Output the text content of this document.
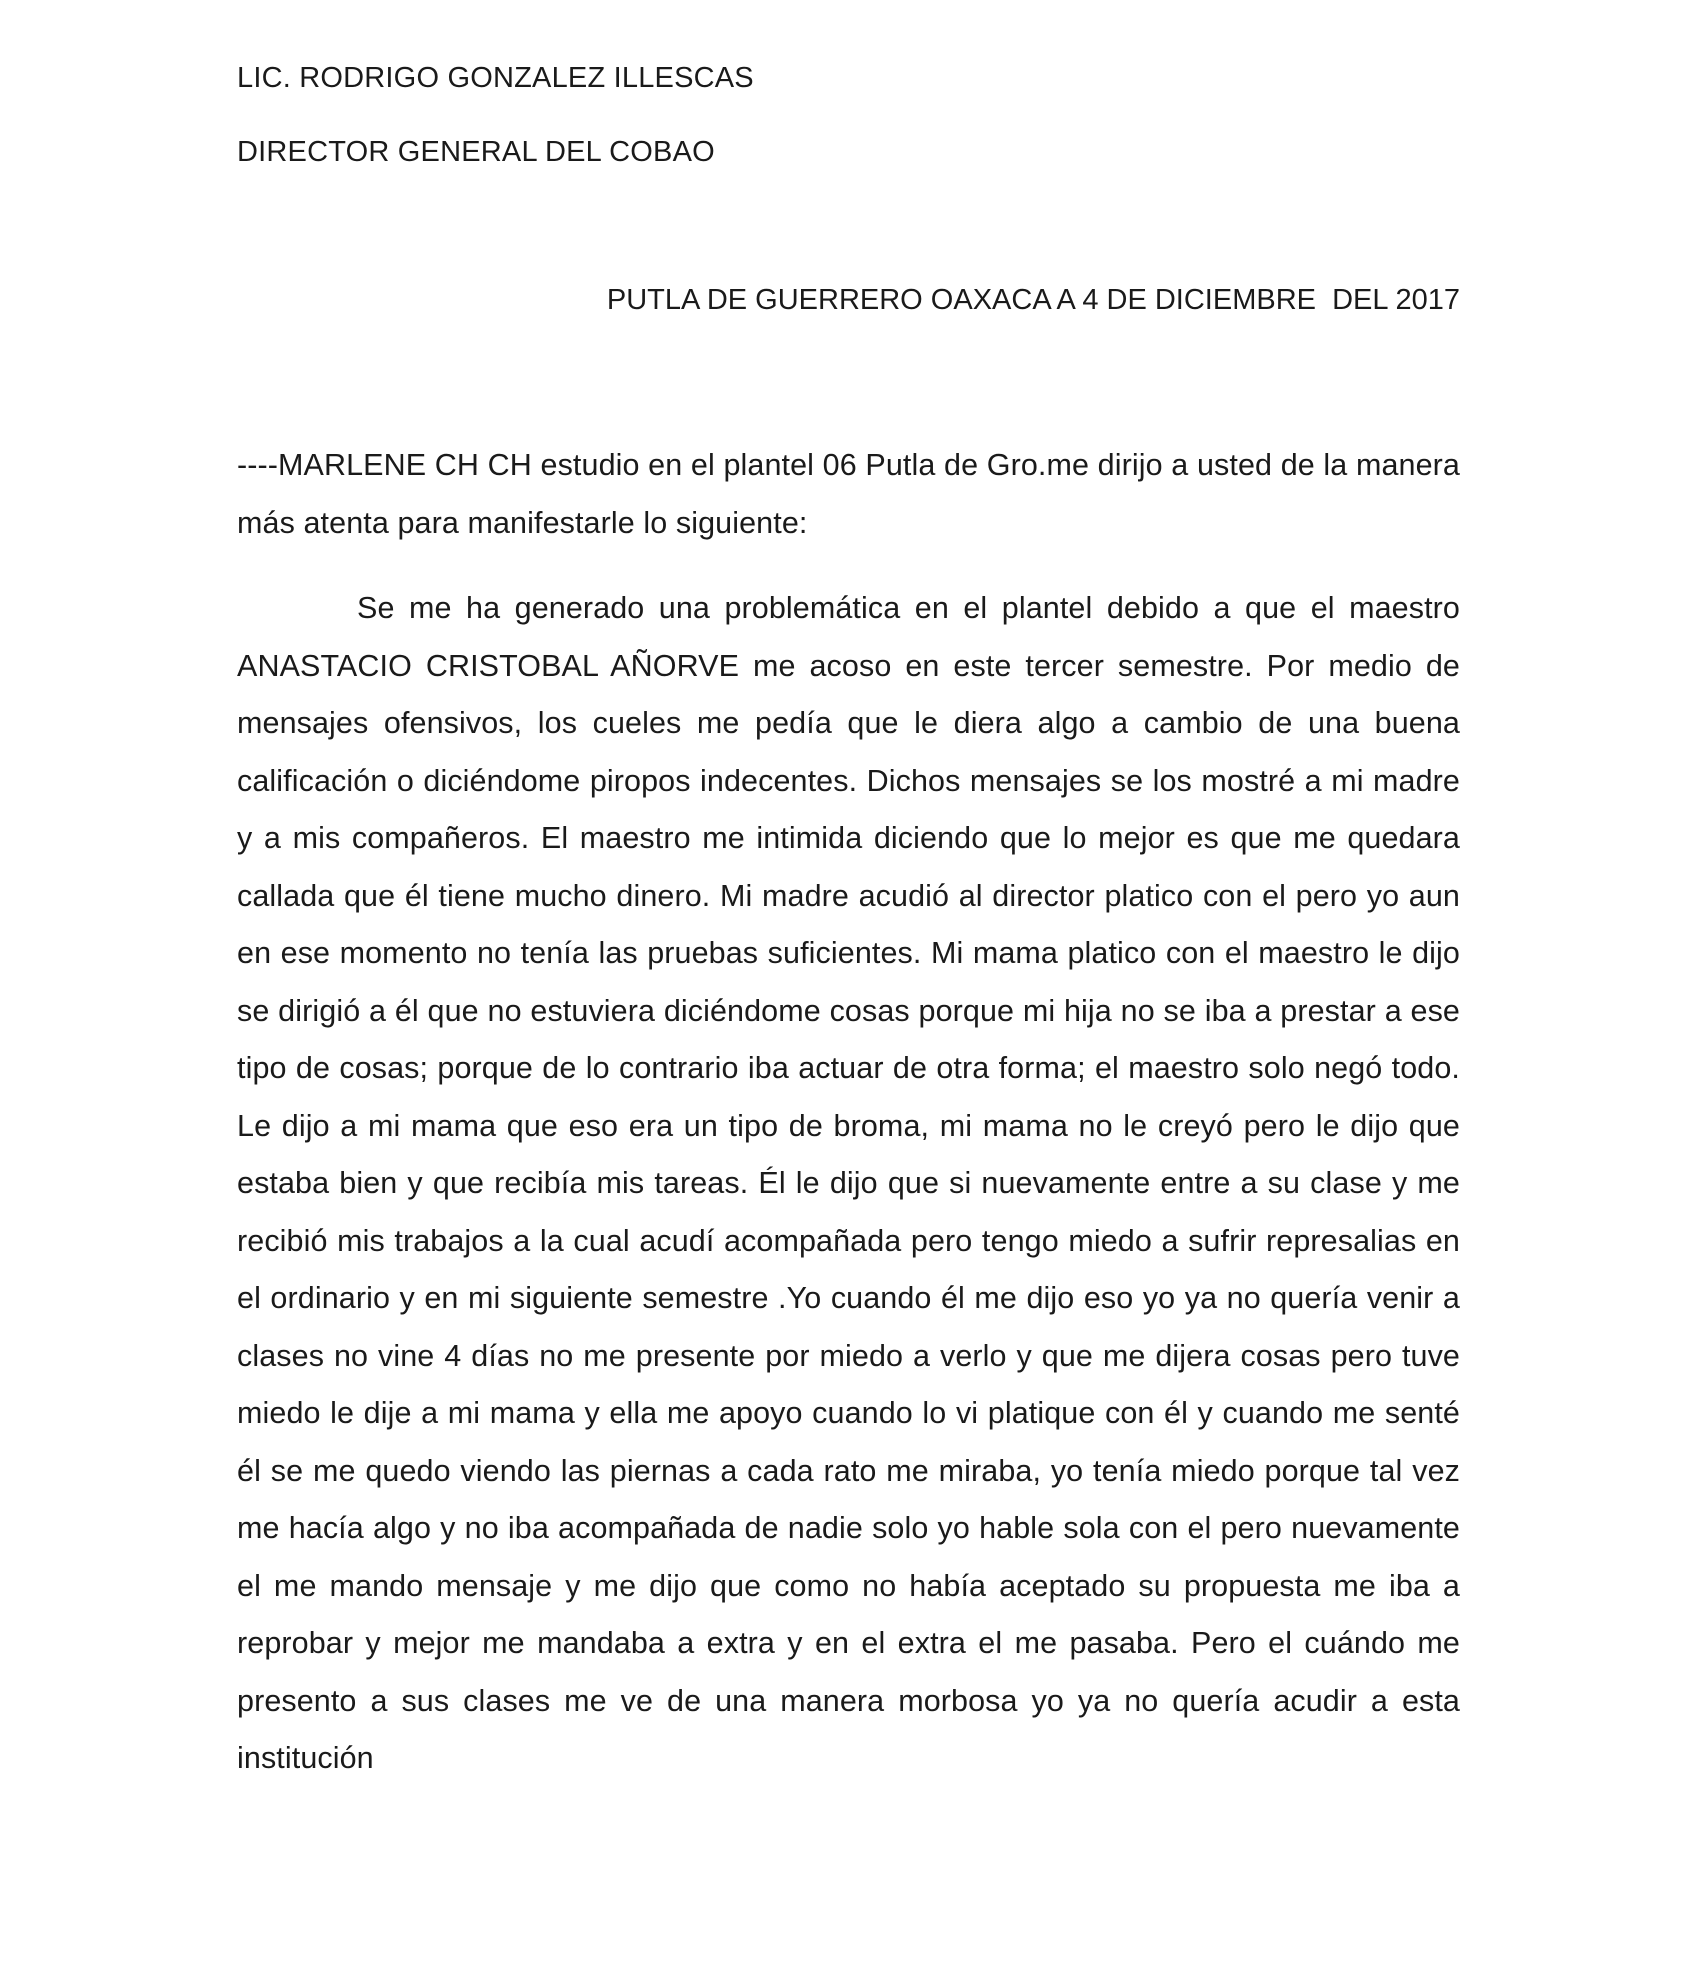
LIC. RODRIGO GONZALEZ ILLESCAS
DIRECTOR GENERAL DEL COBAO
PUTLA DE GUERRERO OAXACA A 4 DE DICIEMBRE  DEL 2017
----MARLENE CH CH estudio en el plantel 06 Putla de Gro.me dirijo a usted de la manera más atenta para manifestarle lo siguiente:
Se me ha generado una problemática en el plantel debido a que el maestro ANASTACIO CRISTOBAL AÑORVE me acoso en este tercer semestre. Por medio de mensajes ofensivos, los cueles me pedía que le diera algo a cambio de una buena calificación o diciéndome piropos indecentes. Dichos mensajes se los mostré a mi madre y a mis compañeros. El maestro me intimida diciendo que lo mejor es que me quedara callada que él tiene mucho dinero. Mi madre acudió al director platico con el pero yo aun en ese momento no tenía las pruebas suficientes. Mi mama platico con el maestro le dijo se dirigió a él que no estuviera diciéndome cosas porque mi hija no se iba a prestar a ese tipo de cosas; porque de lo contrario iba actuar de otra forma; el maestro solo negó todo. Le dijo a mi mama que eso era un tipo de broma, mi mama no le creyó pero le dijo que estaba bien y que recibía mis tareas. Él le dijo que si nuevamente entre a su clase y me recibió mis trabajos a la cual acudí acompañada pero tengo miedo a sufrir represalias en el ordinario y en mi siguiente semestre .Yo cuando él me dijo eso yo ya no quería venir a clases no vine 4 días no me presente por miedo a verlo y que me dijera cosas pero tuve miedo le dije a mi mama y ella me apoyo cuando lo vi platique con él y cuando me senté él se me quedo viendo las piernas a cada rato me miraba, yo tenía miedo porque tal vez me hacía algo y no iba acompañada de nadie solo yo hable sola con el pero nuevamente el me mando mensaje y me dijo que como no había aceptado su propuesta me iba a reprobar y mejor me mandaba a extra y en el extra el me pasaba. Pero el cuándo me presento a sus clases me ve de una manera morbosa yo ya no quería acudir a esta institución
